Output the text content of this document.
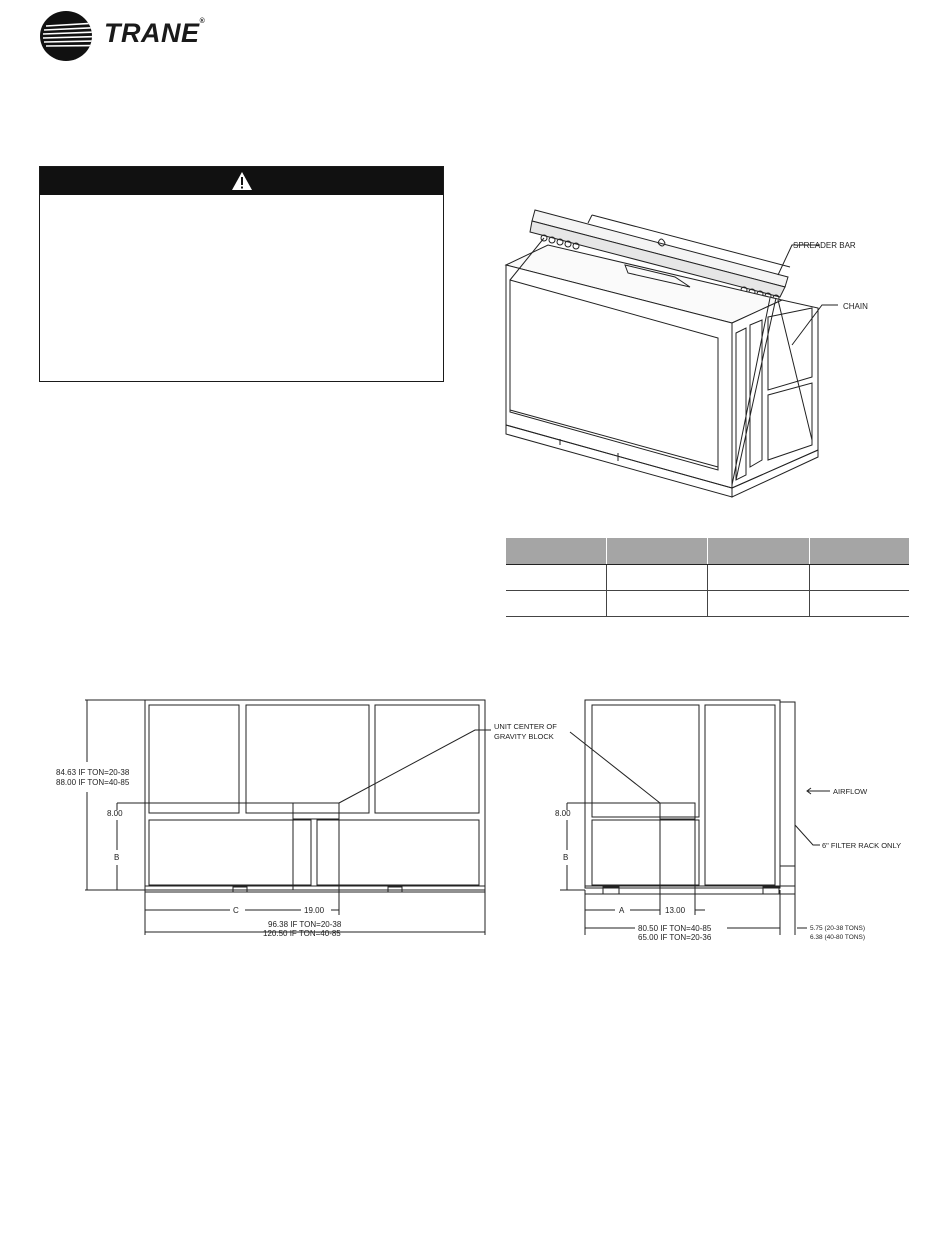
TRANE®
SPREADER BAR
CHAIN

84.63 IF TON=20-38
88.00 IF TON=40-85
8.00
B
C	19.00
96.38 IF TON=20-38
120.50 IF TON=40-85
UNIT CENTER OF
GRAVITY BLOCK
8.00
B
A	13.00
AIRFLOW
6" FILTER RACK ONLY
80.50 IF TON=40-85
65.00 IF TON=20-36
5.75 (20-38 TONS)
6.38 (40-80 TONS)
